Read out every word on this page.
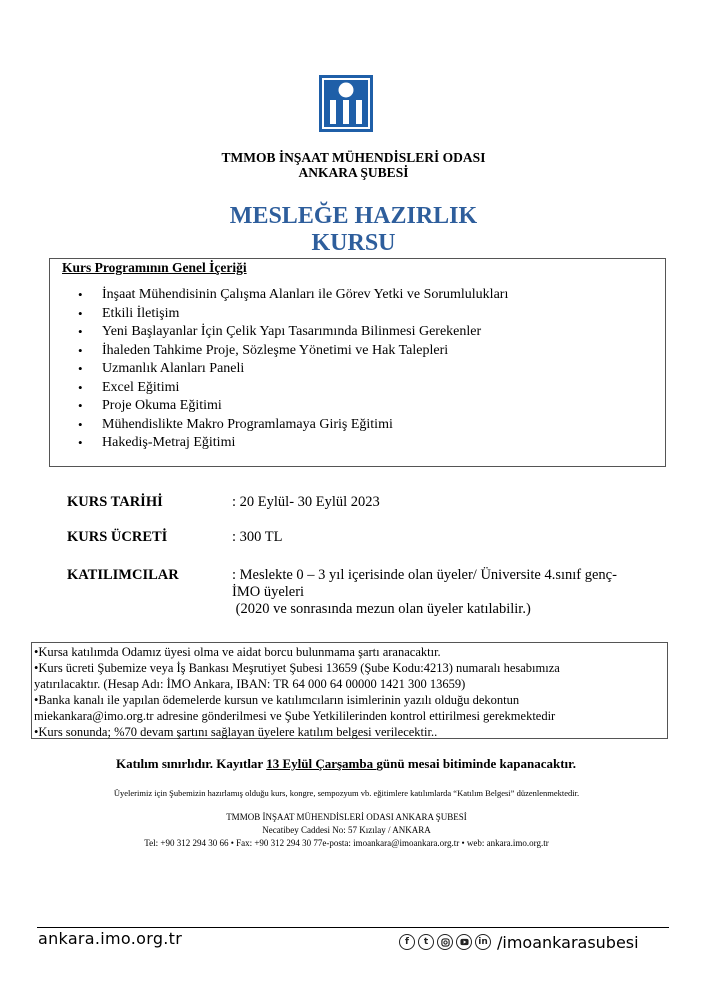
TMMOB İNŞAAT MÜHENDİSLERİ ODASI
ANKARA ŞUBESİ
MESLEĞE HAZIRLIK
KURSU
Kurs Programının Genel İçeriği
• İnşaat Mühendisinin Çalışma Alanları ile Görev Yetki ve Sorumlulukları
• Etkili İletişim
• Yeni Başlayanlar İçin Çelik Yapı Tasarımında Bilinmesi Gerekenler
• İhaleden Tahkime Proje, Sözleşme Yönetimi ve Hak Talepleri
• Uzmanlık Alanları Paneli
• Excel Eğitimi
• Proje Okuma Eğitimi
• Mühendislikte Makro Programlamaya Giriş Eğitimi
• Hakediş-Metraj Eğitimi
KURS TARİHİ	: 20 Eylül- 30 Eylül 2023
KURS ÜCRETİ	: 300 TL
KATILIMCILAR	: Meslekte 0 – 3 yıl içerisinde olan üyeler/ Üniversite 4.sınıf genç-
İMO üyeleri
(2020 ve sonrasında mezun olan üyeler katılabilir.)
•Kursa katılımda Odamız üyesi olma ve aidat borcu bulunmama şartı aranacaktır.
•Kurs ücreti Şubemize veya İş Bankası Meşrutiyet Şubesi 13659 (Şube Kodu:4213) numaralı hesabımıza
yatırılacaktır. (Hesap Adı: İMO Ankara, IBAN: TR 64 000 64 00000 1421 300 13659)
•Banka kanalı ile yapılan ödemelerde kursun ve katılımcıların isimlerinin yazılı olduğu dekontun
miekankara@imo.org.tr adresine gönderilmesi ve Şube Yetkililerinden kontrol ettirilmesi gerekmektedir
•Kurs sonunda; %70 devam şartını sağlayan üyelere katılım belgesi verilecektir..
Katılım sınırlıdır. Kayıtlar 13 Eylül Çarşamba günü mesai bitiminde kapanacaktır.
Üyelerimiz için Şubemizin hazırlamış olduğu kurs, kongre, sempozyum vb. eğitimlere katılımlarda “Katılım Belgesi” düzenlenmektedir.
TMMOB İNŞAAT MÜHENDİSLERİ ODASI ANKARA ŞUBESİ
Necatibey Caddesi No: 57 Kızılay / ANKARA
Tel: +90 312 294 30 66 • Fax: +90 312 294 30 77e-posta: imoankara@imoankara.org.tr • web: ankara.imo.org.tr
ankara.imo.org.tr	f	t	in /imoankarasubesi
